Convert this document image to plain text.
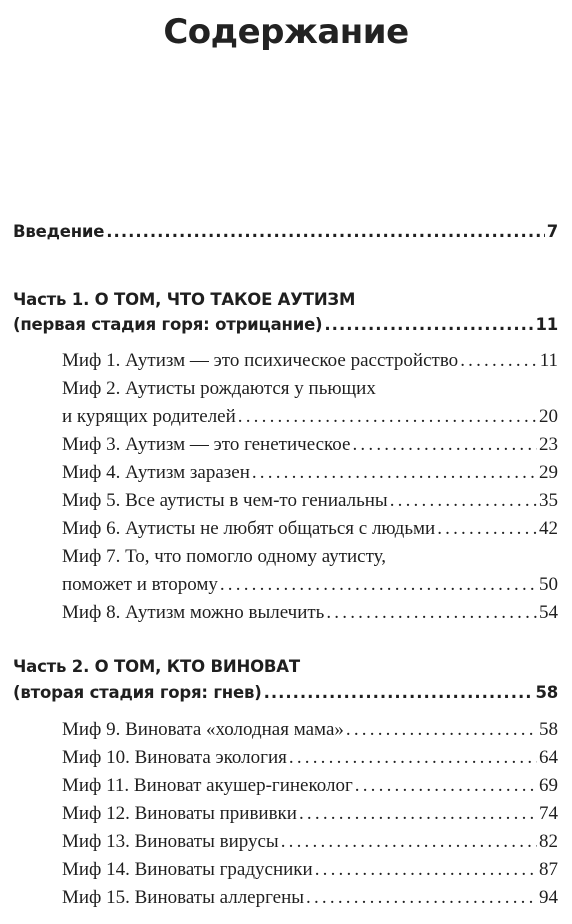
Содержание
Введение .....	7
Часть 1. О ТОМ, ЧТО ТАКОЕ АУТИЗМ
(первая стадия горя: отрицание) .....	11
Миф 1. Аутизм — это психическое расстройство .....	11
Миф 2. Аутисты рождаются у пьющих
и курящих родителей .....	20
Миф 3. Аутизм — это генетическое .....	23
Миф 4. Аутизм заразен .....	29
Миф 5. Все аутисты в чем-то гениальны .....	35
Миф 6. Аутисты не любят общаться с людьми .....	42
Миф 7. То, что помогло одному аутисту,
поможет и второму .....	50
Миф 8. Аутизм можно вылечить .....	54
Часть 2. О ТОМ, КТО ВИНОВАТ
(вторая стадия горя: гнев) .....	58
Миф 9. Виновата «холодная мама» .....	58
Миф 10. Виновата экология .....	64
Миф 11. Виноват акушер-гинеколог .....	69
Миф 12. Виноваты прививки .....	74
Миф 13. Виноваты вирусы .....	82
Миф 14. Виноваты градусники .....	87
Миф 15. Виноваты аллергены .....	94
